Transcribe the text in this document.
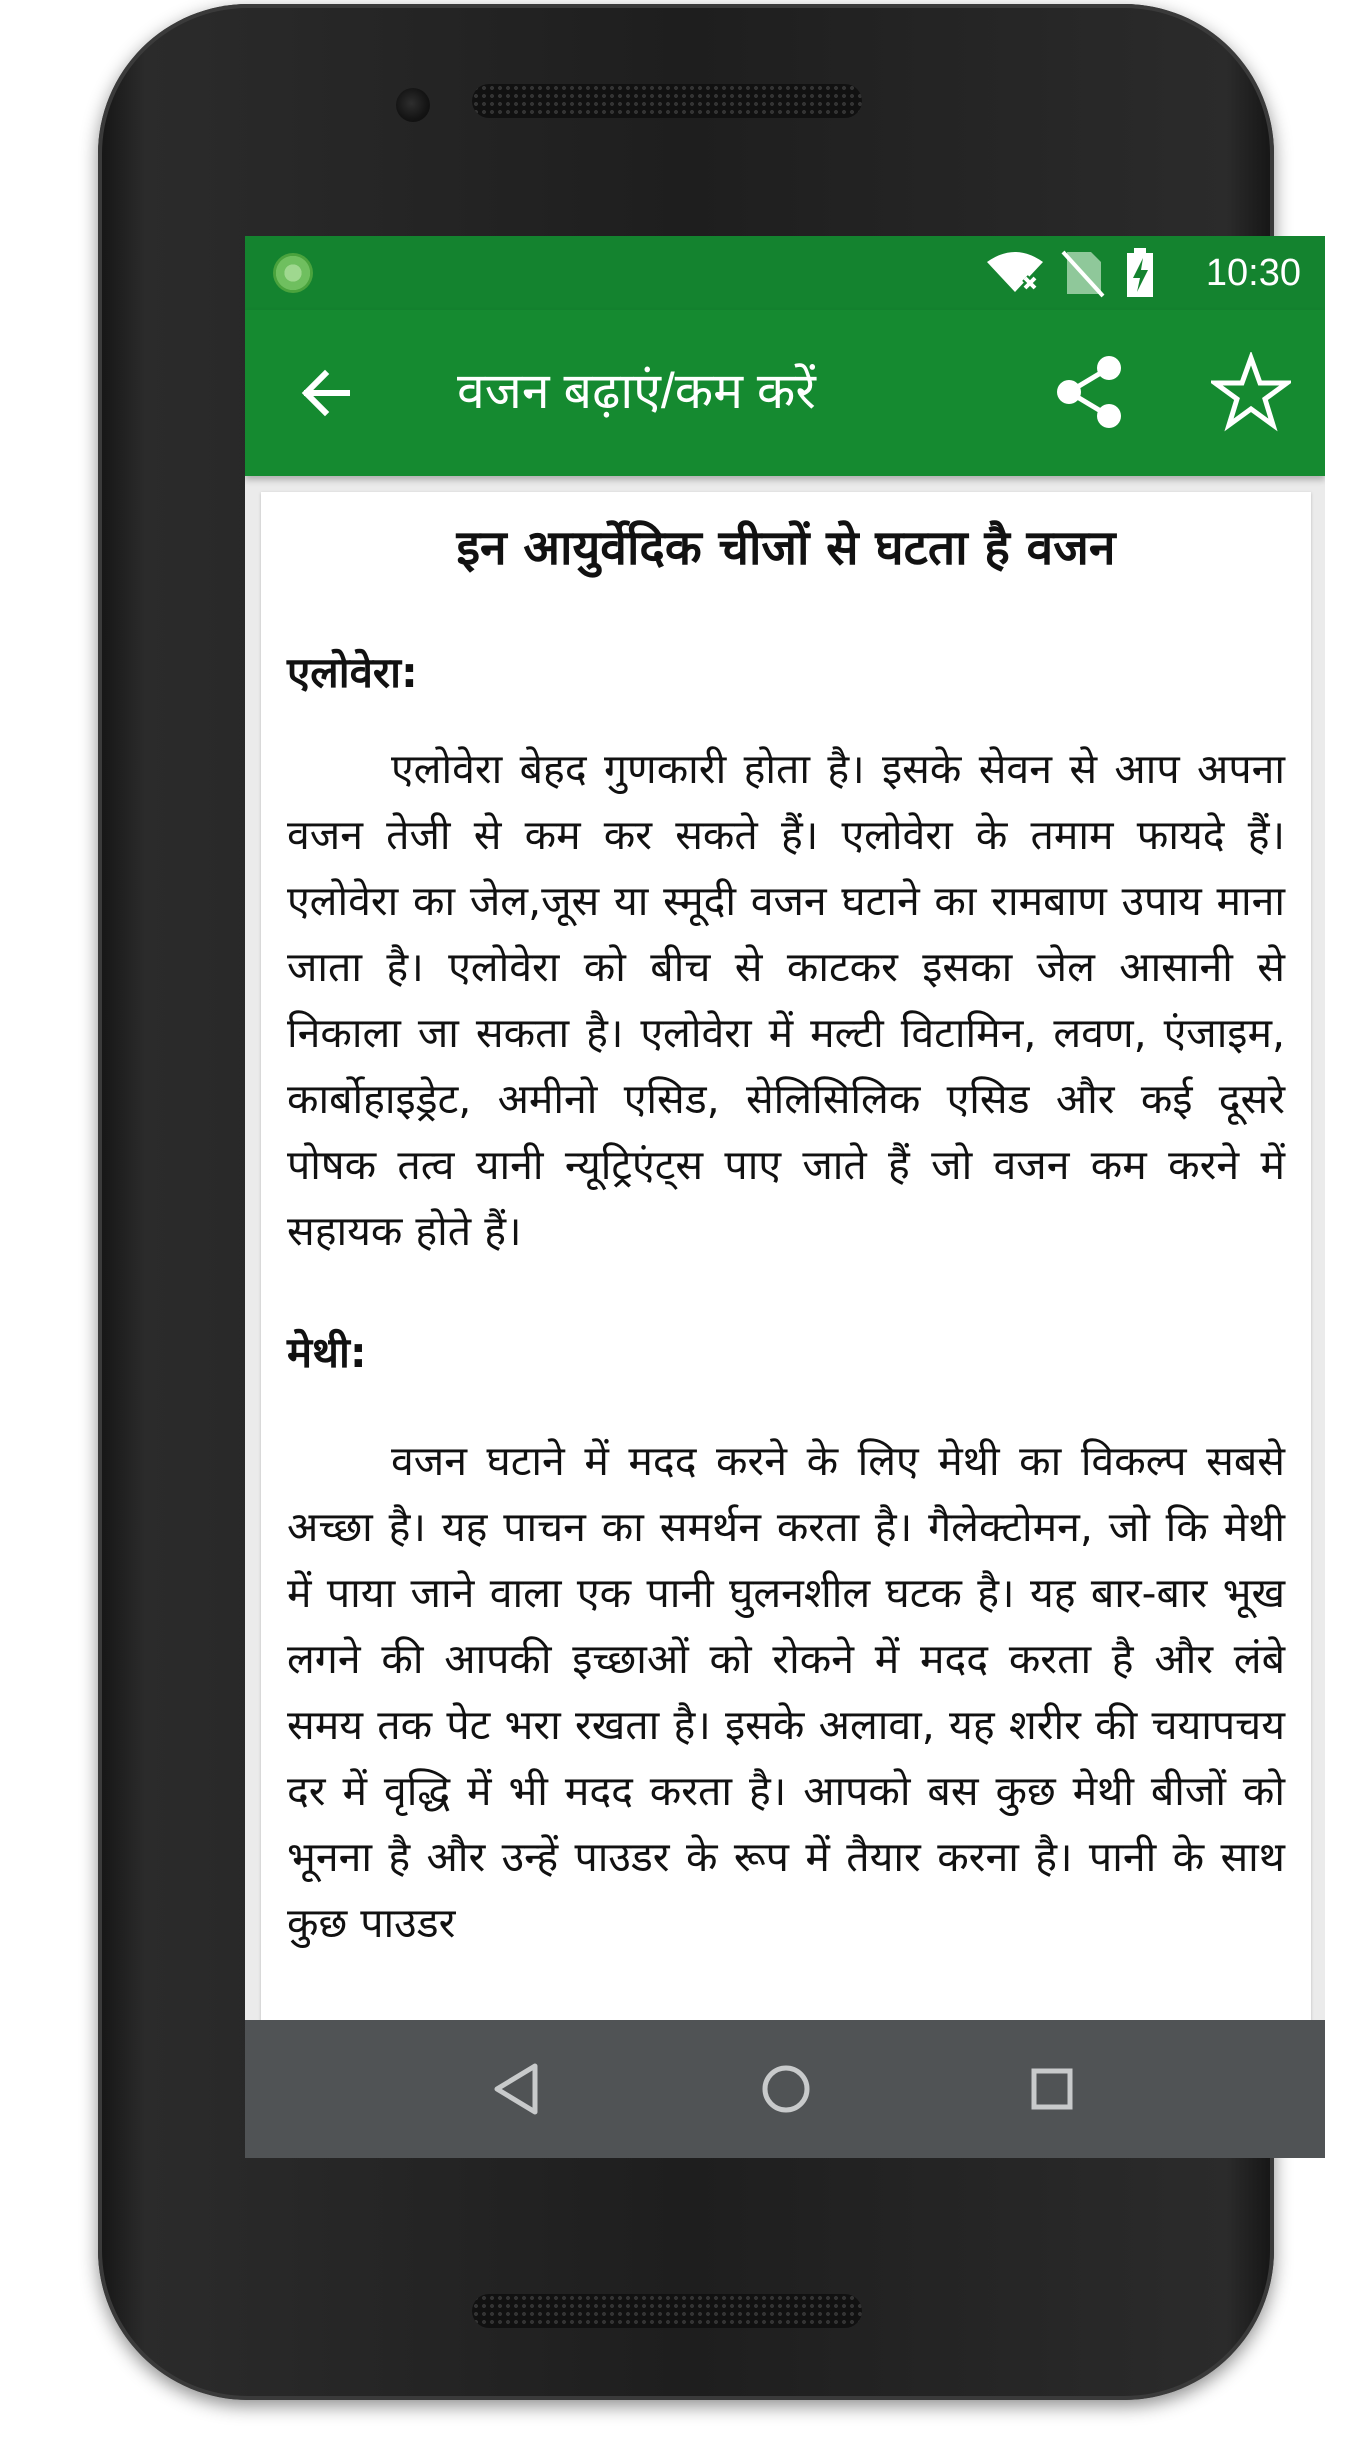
10:30
वजन बढ़ाएं/कम करें
इन आयुर्वेदिक चीजों से घटता है वजन
एलोवेरा:

एलोवेरा बेहद गुणकारी होता है। इसके सेवन से आप अपना वजन तेजी से कम कर सकते हैं। एलोवेरा के तमाम फायदे हैं। एलोवेरा का जेल,जूस या स्मूदी वजन घटाने का रामबाण उपाय माना जाता है। एलोवेरा को बीच से काटकर इसका जेल आसानी से निकाला जा सकता है। एलोवेरा में मल्टी विटामिन, लवण, एंजाइम, कार्बोहाइड्रेट, अमीनो एसिड, सेलिसिलिक एसिड और कई दूसरे पोषक तत्व यानी न्यूट्रिएंट्स पाए जाते हैं जो वजन कम करने में सहायक होते हैं।

मेथी:

वजन घटाने में मदद करने के लिए मेथी का विकल्प सबसे अच्छा है। यह पाचन का समर्थन करता है। गैलेक्टोमन, जो कि मेथी में पाया जाने वाला एक पानी घुलनशील घटक है। यह बार-बार भूख लगने की आपकी इच्छाओं को रोकने में मदद करता है और लंबे समय तक पेट भरा रखता है। इसके अलावा, यह शरीर की चयापचय दर में वृद्धि में भी मदद करता है। आपको बस कुछ मेथी बीजों को भूनना है और उन्हें पाउडर के रूप में तैयार करना है। पानी के साथ कुछ पाउडर
